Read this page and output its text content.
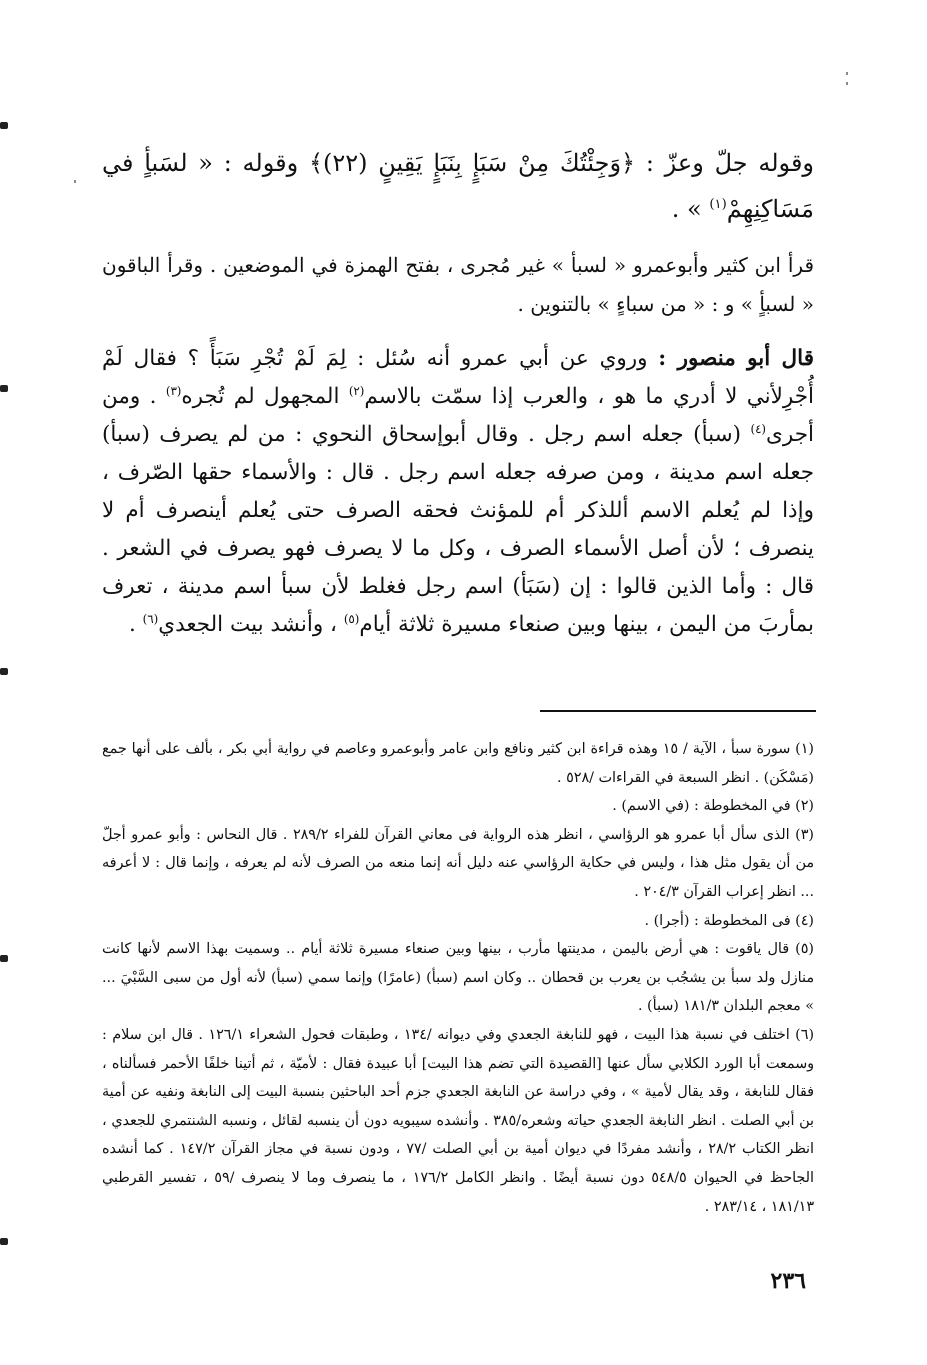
وقوله جلّ وعزّ : ﴿وَجِئْتُكَ مِنْ سَبَإٍ بِنَبَإٍ يَقِينٍ (٢٢)﴾ وقوله : « لسَبأٍ في مَسَاكِنِهِمْ$^{(١)}$ » .

قرأ ابن كثير وأبوعمرو « لسبأ » غير مُجرى ، بفتح الهمزة في الموضعين . وقرأ الباقون « لسبأٍ » و : « من سباءٍ » بالتنوين .

قال أبو منصور : وروي عن أبي عمرو أنه سُئل : لِمَ لَمْ تُجْرِ سَبَأً ؟ فقال لَمْ أُجْرِلأني لا أدري ما هو ، والعرب إذا سمّت بالاسم$^{(٢)}$ المجهول لم تُجره$^{(٣)}$ . ومن أجرى$^{(٤)}$ (سبأ) جعله اسم رجل . وقال أبوإسحاق النحوي : من لم يصرف (سبأ) جعله اسم مدينة ، ومن صرفه جعله اسم رجل . قال : والأسماء حقها الصّرف ، وإذا لم يُعلم الاسم أللذكر أم للمؤنث فحقه الصرف حتى يُعلم أينصرف أم لا ينصرف ؛ لأن أصل الأسماء الصرف ، وكل ما لا يصرف فهو يصرف في الشعر . قال : وأما الذين قالوا : إن (سَبَأ) اسم رجل فغلط لأن سبأ اسم مدينة ، تعرف بمأربَ من اليمن ، بينها وبين صنعاء مسيرة ثلاثة أيام$^{(٥)}$ ، وأنشد بيت الجعدي$^{(٦)}$ .

(١) سورة سبأ ، الآية / ١٥ وهذه قراءة ابن كثير ونافع وابن عامر وأبوعمرو وعاصم في رواية أبي بكر ، بألف على أنها جمع (مَسْكَن) . انظر السبعة في القراءات /٥٢٨ .

(٢) في المخطوطة : (في الاسم) .

(٣) الذى سأل أبا عمرو هو الرؤاسي ، انظر هذه الرواية فى معاني القرآن للفراء ٢٨٩/٢ . قال النحاس : وأبو عمرو أجلّ من أن يقول مثل هذا ، وليس في حكاية الرؤاسي عنه دليل أنه إنما منعه من الصرف لأنه لم يعرفه ، وإنما قال : لا أعرفه ... انظر إعراب القرآن ٢٠٤/٣ .

(٤) فى المخطوطة : (أجرا) .

(٥) قال ياقوت : هي أرض باليمن ، مدينتها مأرب ، بينها وبين صنعاء مسيرة ثلاثة أيام .. وسميت بهذا الاسم لأنها كانت منازل ولد سبأ بن يشجُب بن يعرب بن قحطان .. وكان اسم (سبأ) (عامرًا) وإنما سمي (سبأ) لأنه أول من سبى السَّبْيَ ... » معجم البلدان ١٨١/٣ (سبأ) .

(٦) اختلف في نسبة هذا البيت ، فهو للنابغة الجعدي وفي ديوانه /١٣٤ ، وطبقات فحول الشعراء ١٢٦/١ . قال ابن سلام : وسمعت أبا الورد الكلابي سأل عنها [القصيدة التي تضم هذا البيت] أبا عبيدة فقال : لأميّة ، ثم أتينا خلفًا الأحمر فسألناه ، فقال للنابغة ، وقد يقال لأمية » ، وفي دراسة عن النابغة الجعدي جزم أحد الباحثين بنسبة البيت إلى النابغة ونفيه عن أمية بن أبي الصلت . انظر النابغة الجعدي حياته وشعره/٣٨٥ . وأنشده سيبويه دون أن ينسبه لقائل ، ونسبه الشنتمري للجعدي ، انظر الكتاب ٢٨/٢ ، وأنشد مفردًا في ديوان أمية بن أبي الصلت /٧٧ ، ودون نسبة في مجاز القرآن ١٤٧/٢ . كما أنشده الجاحظ في الحيوان ٥٤٨/٥ دون نسبة أيضًا . وانظر الكامل ١٧٦/٢ ، ما ينصرف وما لا ينصرف /٥٩ ، تفسير القرطبي ١٨١/١٣ ، ٢٨٣/١٤ .

٢٣٦
